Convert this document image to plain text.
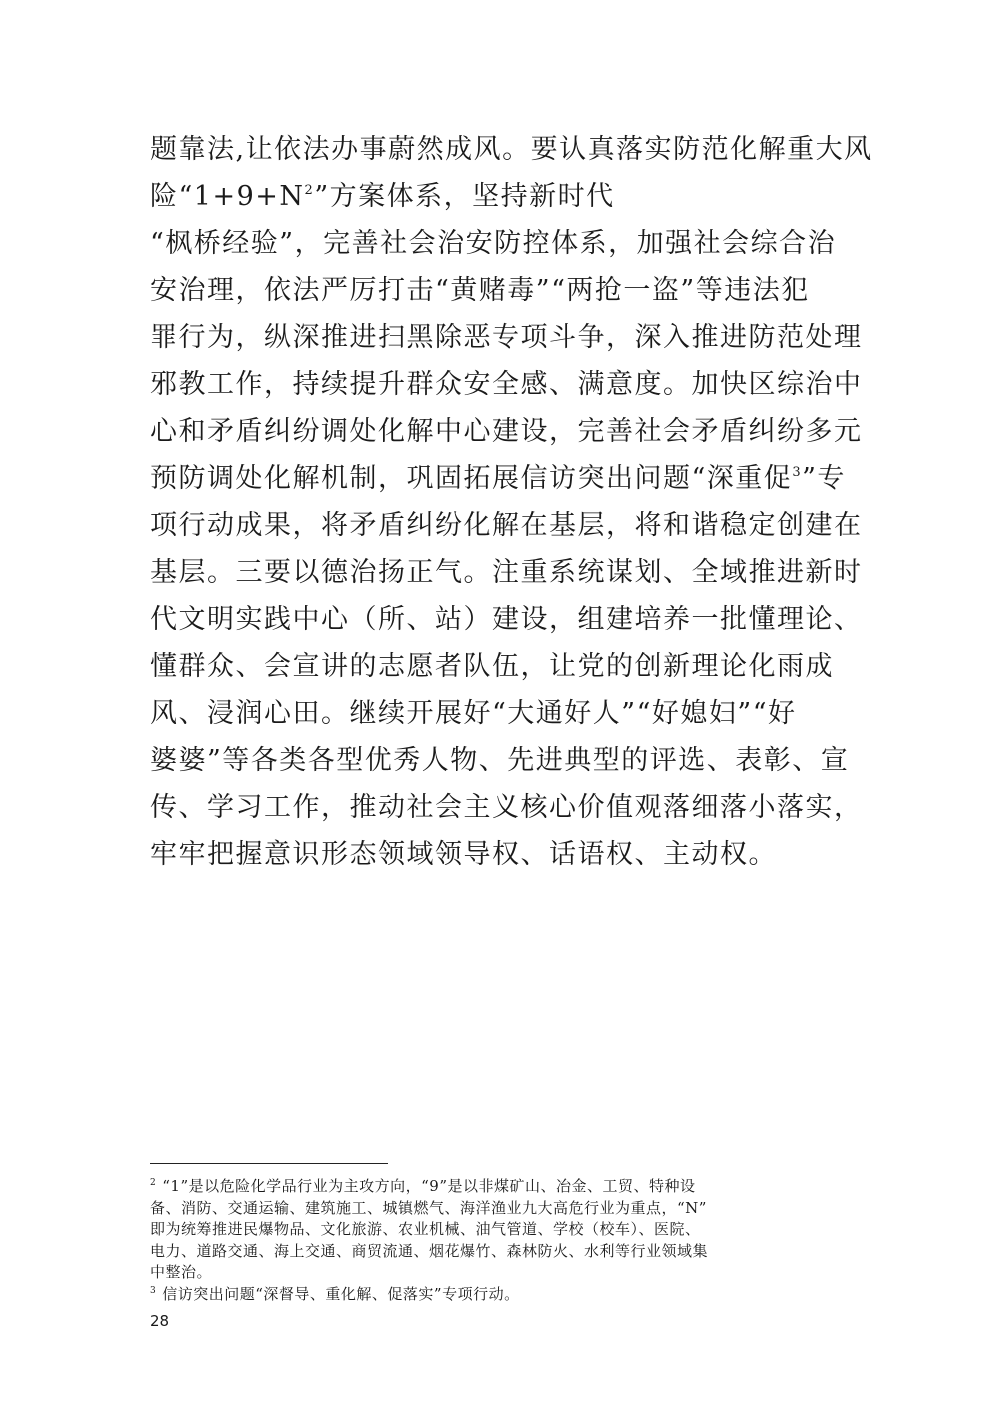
题靠法,让依法办事蔚然成风。要认真落实防范化解重大风
险“1+9+N$^2$”方案体系，坚持新时代
“枫桥经验”，完善社会治安防控体系，加强社会综合治
安治理，依法严厉打击“黄赌毒”“两抢一盗”等违法犯
罪行为，纵深推进扫黑除恶专项斗争，深入推进防范处理
邪教工作，持续提升群众安全感、满意度。加快区综治中
心和矛盾纠纷调处化解中心建设，完善社会矛盾纠纷多元
预防调处化解机制，巩固拓展信访突出问题“深重促$^3$”专
项行动成果，将矛盾纠纷化解在基层，将和谐稳定创建在
基层。三要以德治扬正气。注重系统谋划、全域推进新时
代文明实践中心（所、站）建设，组建培养一批懂理论、
懂群众、会宣讲的志愿者队伍，让党的创新理论化雨成
风、浸润心田。继续开展好“大通好人”“好媳妇”“好
婆婆”等各类各型优秀人物、先进典型的评选、表彰、宣
传、学习工作，推动社会主义核心价值观落细落小落实，
牢牢把握意识形态领域领导权、话语权、主动权。
$^2$ “1”是以危险化学品行业为主攻方向，“9”是以非煤矿山、冶金、工贸、特种设
备、消防、交通运输、建筑施工、城镇燃气、海洋渔业九大高危行业为重点，“N”
即为统筹推进民爆物品、文化旅游、农业机械、油气管道、学校（校车）、医院、
电力、道路交通、海上交通、商贸流通、烟花爆竹、森林防火、水利等行业领域集
中整治。
$^3$ 信访突出问题“深督导、重化解、促落实”专项行动。
28
